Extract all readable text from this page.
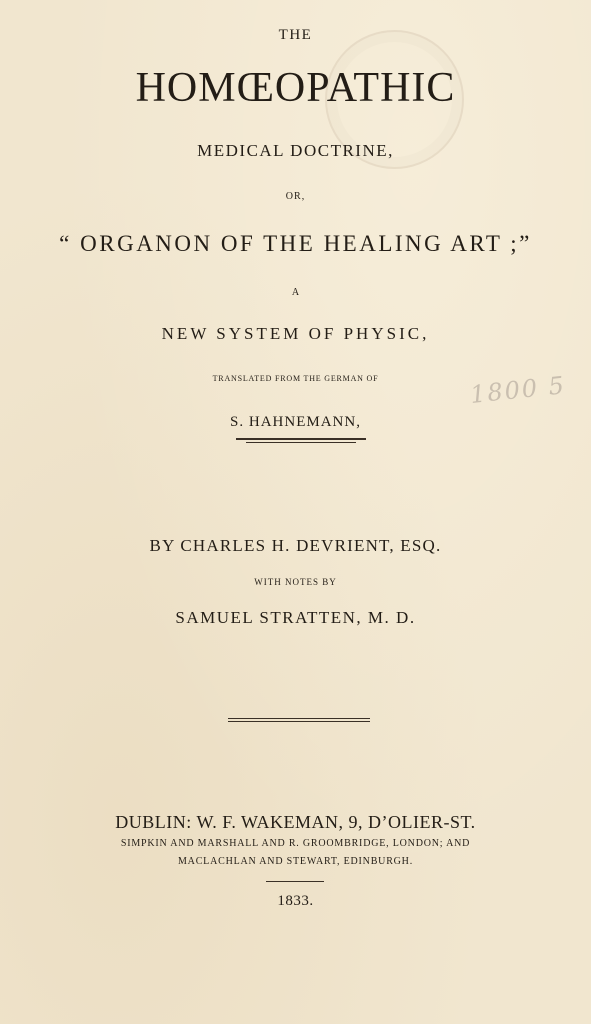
THE
HOMŒOPATHIC
MEDICAL DOCTRINE,
OR,
“ ORGANON OF THE HEALING ART ;”
A
NEW SYSTEM OF PHYSIC,
TRANSLATED FROM THE GERMAN OF	1800 5
S. HAHNEMANN,
BY CHARLES H. DEVRIENT, ESQ.
WITH NOTES BY
SAMUEL STRATTEN, M. D.
DUBLIN: W. F. WAKEMAN, 9, D’OLIER-ST.
SIMPKIN AND MARSHALL AND R. GROOMBRIDGE, LONDON; AND
MACLACHLAN AND STEWART, EDINBURGH.
1833.
